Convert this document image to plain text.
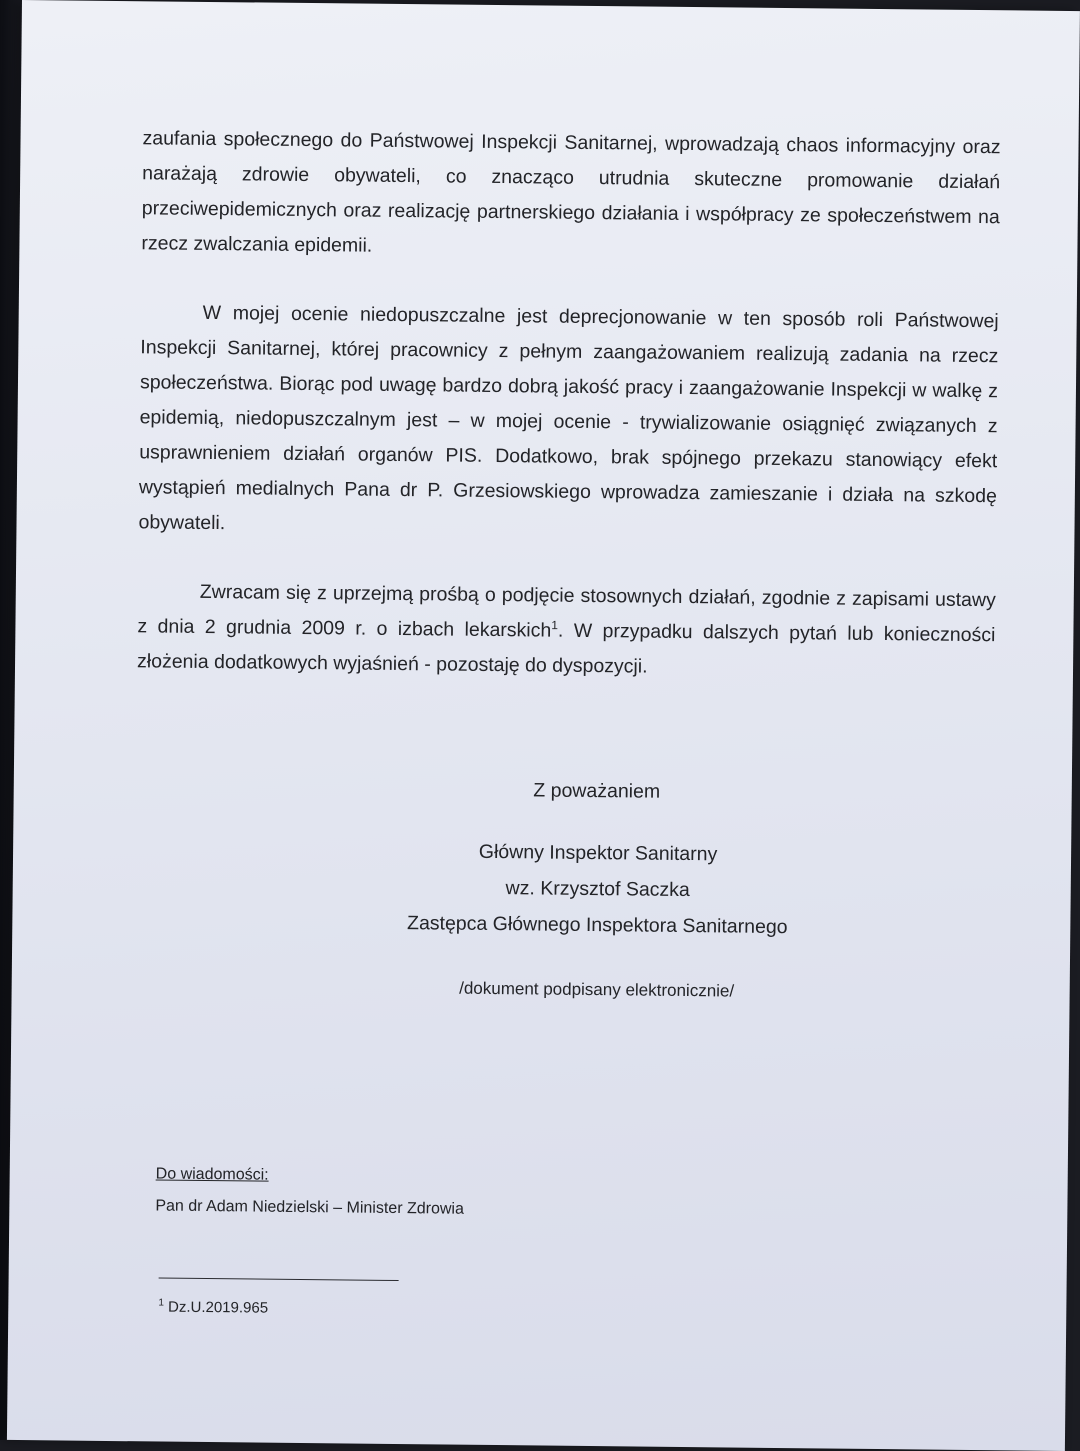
zaufania społecznego do Państwowej Inspekcji Sanitarnej, wprowadzają chaos informacyjny oraz narażają zdrowie obywateli, co znacząco utrudnia skuteczne promowanie działań przeciwepidemicznych oraz realizację partnerskiego działania i współpracy ze społeczeństwem na rzecz zwalczania epidemii.

W mojej ocenie niedopuszczalne jest deprecjonowanie w ten sposób roli Państwowej Inspekcji Sanitarnej, której pracownicy z pełnym zaangażowaniem realizują zadania na rzecz społeczeństwa. Biorąc pod uwagę bardzo dobrą jakość pracy i zaangażowanie Inspekcji w walkę z epidemią, niedopuszczalnym jest – w mojej ocenie - trywializowanie osiągnięć związanych z usprawnieniem działań organów PIS. Dodatkowo, brak spójnego przekazu stanowiący efekt wystąpień medialnych Pana dr P. Grzesiowskiego wprowadza zamieszanie i działa na szkodę obywateli.

Zwracam się z uprzejmą prośbą o podjęcie stosownych działań, zgodnie z zapisami ustawy z dnia 2 grudnia 2009 r. o izbach lekarskich$^1$. W przypadku dalszych pytań lub konieczności złożenia dodatkowych wyjaśnień - pozostaję do dyspozycji.

Z poważaniem
Główny Inspektor Sanitarny
wz. Krzysztof Saczka
Zastępca Głównego Inspektora Sanitarnego
/dokument podpisany elektronicznie/
Do wiadomości:
Pan dr Adam Niedzielski – Minister Zdrowia
$^1$ Dz.U.2019.965
